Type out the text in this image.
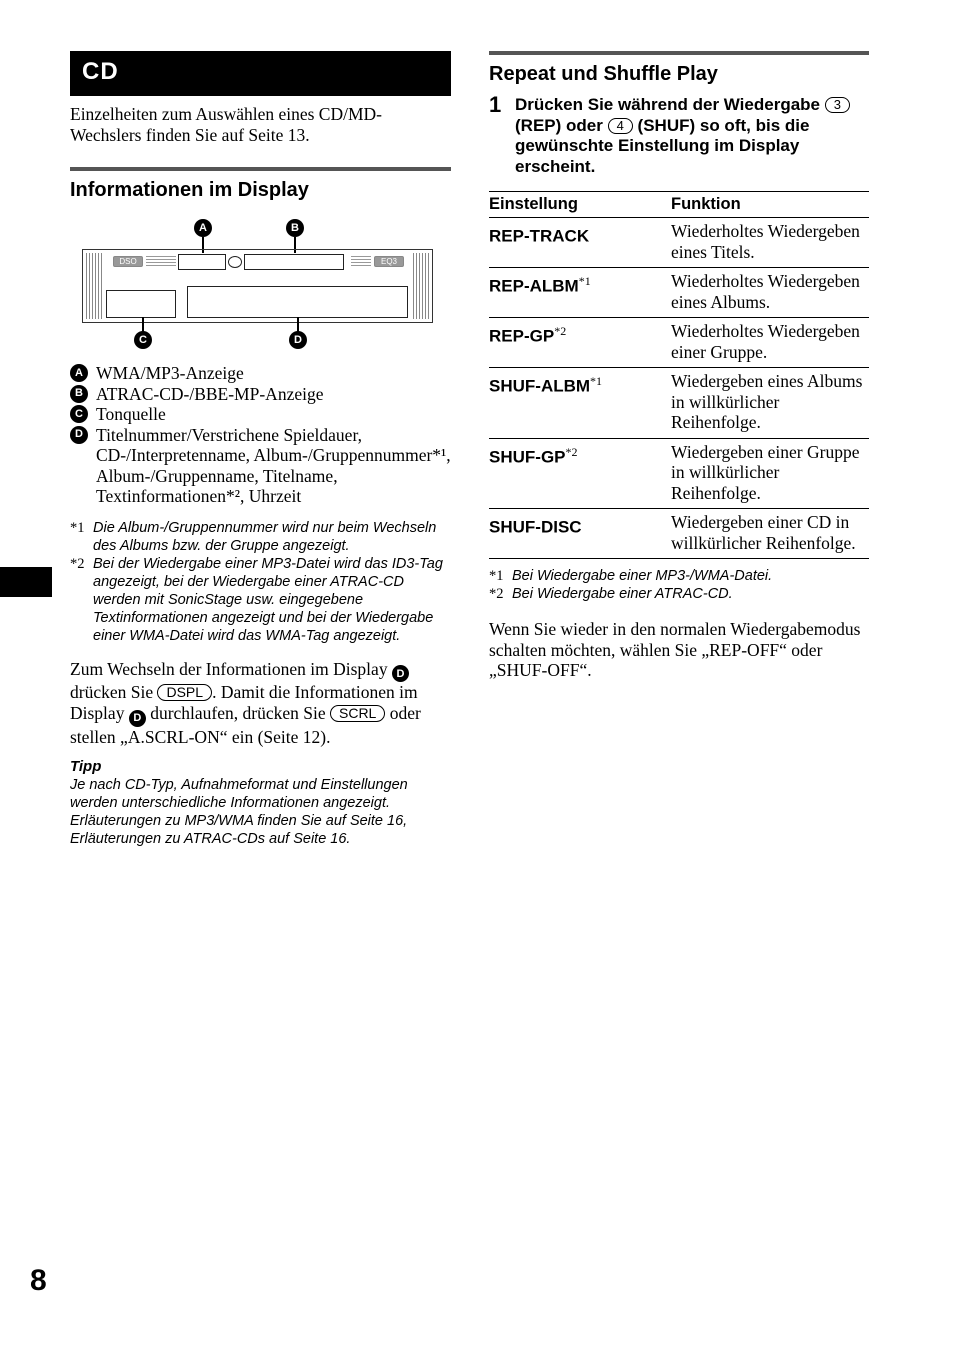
CD

Einzelheiten zum Auswählen eines CD/MD-Wechslers finden Sie auf Seite 13.

Informationen im Display
A	B
DSO	EQ3
C	D
A WMA/MP3-Anzeige
B ATRAC-CD-/BBE-MP-Anzeige
C Tonquelle
D Titelnummer/Verstrichene Spieldauer, CD-/Interpretenname, Album-/Gruppennummer*¹, Album-/Gruppenname, Titelname, Textinformationen*², Uhrzeit
*1 Die Album-/Gruppennummer wird nur beim Wechseln des Albums bzw. der Gruppe angezeigt.
*2 Bei der Wiedergabe einer MP3-Datei wird das ID3-Tag angezeigt, bei der Wiedergabe einer ATRAC-CD werden mit SonicStage usw. eingegebene Textinformationen angezeigt und bei der Wiedergabe einer WMA-Datei wird das WMA-Tag angezeigt.

Zum Wechseln der Informationen im Display D drücken Sie DSPL . Damit die Informationen im Display D durchlaufen, drücken Sie SCRL oder stellen „A.SCRL-ON“ ein (Seite 12).

Tipp

Je nach CD-Typ, Aufnahmeformat und Einstellungen werden unterschiedliche Informationen angezeigt. Erläuterungen zu MP3/WMA finden Sie auf Seite 16, Erläuterungen zu ATRAC-CDs auf Seite 16.

Repeat und Shuffle Play
1 Drücken Sie während der Wiedergabe 3 (REP) oder 4 (SHUF) so oft, bis die gewünschte Einstellung im Display erscheint.
Einstellung	Funktion
REP-TRACK	Wiederholtes Wiedergeben eines Titels.
REP-ALBM$^{*1}$	Wiederholtes Wiedergeben eines Albums.
REP-GP$^{*2}$	Wiederholtes Wiedergeben einer Gruppe.
SHUF-ALBM$^{*1}$	Wiedergeben eines Albums in willkürlicher Reihenfolge.
SHUF-GP$^{*2}$	Wiedergeben einer Gruppe in willkürlicher Reihenfolge.
SHUF-DISC	Wiedergeben einer CD in willkürlicher Reihenfolge.
*1 Bei Wiedergabe einer MP3-/WMA-Datei.
*2 Bei Wiedergabe einer ATRAC-CD.

Wenn Sie wieder in den normalen Wiedergabemodus schalten möchten, wählen Sie „REP-OFF“ oder „SHUF-OFF“.

8
